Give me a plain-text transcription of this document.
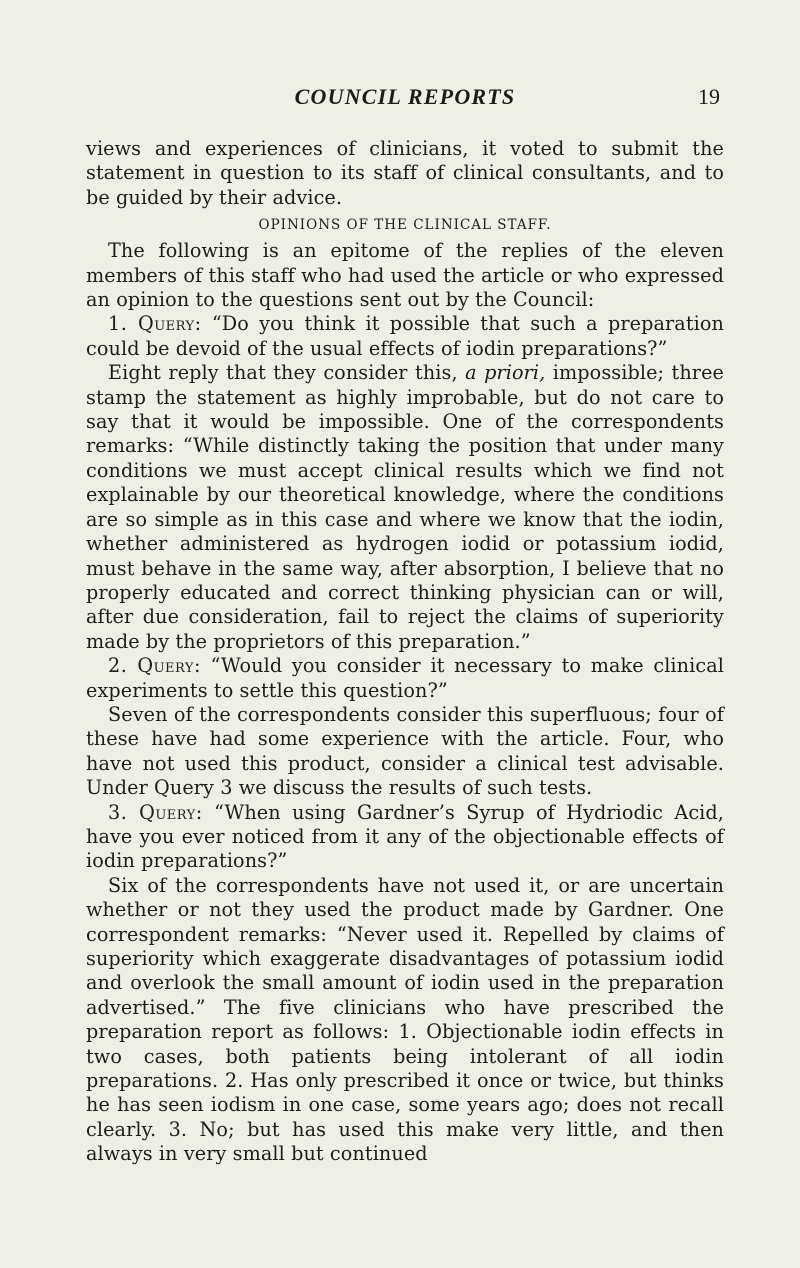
COUNCIL REPORTS	19

views and experiences of clinicians, it voted to submit the statement in question to its staff of clinical consultants, and to be guided by their advice.

OPINIONS OF THE CLINICAL STAFF.

The following is an epitome of the replies of the eleven members of this staff who had used the article or who expressed an opinion to the questions sent out by the Council:

1. Query: “Do you think it possible that such a preparation could be devoid of the usual effects of iodin preparations?”

Eight reply that they consider this, a priori, impossible; three stamp the statement as highly improbable, but do not care to say that it would be impossible. One of the correspondents remarks: “While distinctly taking the position that under many conditions we must accept clinical results which we find not explainable by our theoretical knowledge, where the conditions are so simple as in this case and where we know that the iodin, whether administered as hydrogen iodid or potassium iodid, must behave in the same way, after absorption, I believe that no properly educated and correct thinking physician can or will, after due consideration, fail to reject the claims of superiority made by the proprietors of this preparation.”

2. Query: “Would you consider it necessary to make clinical experiments to settle this question?”

Seven of the correspondents consider this superfluous; four of these have had some experience with the article. Four, who have not used this product, consider a clinical test advisable. Under Query 3 we discuss the results of such tests.

3. Query: “When using Gardner’s Syrup of Hydriodic Acid, have you ever noticed from it any of the objectionable effects of iodin preparations?”

Six of the correspondents have not used it, or are uncertain whether or not they used the product made by Gardner. One correspondent remarks: “Never used it. Repelled by claims of superiority which exaggerate disadvantages of potassium iodid and overlook the small amount of iodin used in the preparation advertised.” The five clinicians who have prescribed the preparation report as follows: 1. Objectionable iodin effects in two cases, both patients being intolerant of all iodin preparations. 2. Has only prescribed it once or twice, but thinks he has seen iodism in one case, some years ago; does not recall clearly. 3. No; but has used this make very little, and then always in very small but continued
